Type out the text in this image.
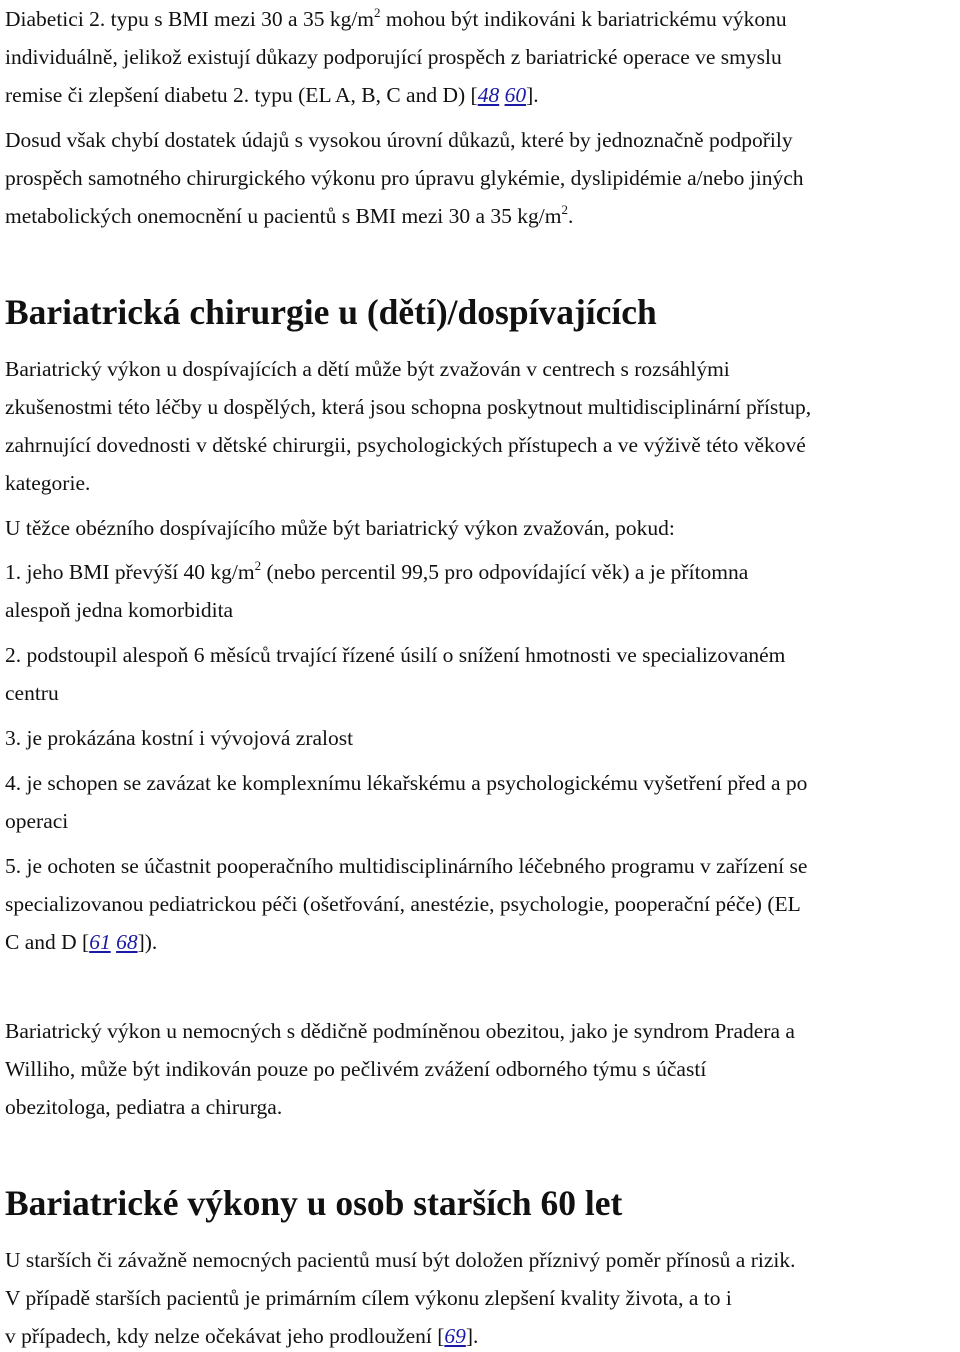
Diabetici 2. typu s BMI mezi 30 a 35 $kg/m^2$ mohou být indikováni k bariatrickému výkonu
individuálně, jelikož existují důkazy podporující prospěch z bariatrické operace ve smyslu
remise či zlepšení diabetu 2. typu (EL A, B, C and D) [48 60].
Dosud však chybí dostatek údajů s vysokou úrovní důkazů, které by jednoznačně podpořily
prospěch samotného chirurgického výkonu pro úpravu glykémie, dyslipidémie a/nebo jiných
metabolických onemocnění u pacientů s BMI mezi 30 a 35 $kg/m^2$.
Bariatrická chirurgie u (dětí)/dospívajících
Bariatrický výkon u dospívajících a dětí může být zvažován v centrech s rozsáhlými
zkušenostmi této léčby u dospělých, která jsou schopna poskytnout multidisciplinární přístup,
zahrnující dovednosti v dětské chirurgii, psychologických přístupech a ve výživě této věkové
kategorie.
U těžce obézního dospívajícího může být bariatrický výkon zvažován, pokud:
1. jeho BMI převýší 40 $kg/m^2$ (nebo percentil 99,5 pro odpovídající věk) a je přítomna
alespoň jedna komorbidita
2. podstoupil alespoň 6 měsíců trvající řízené úsilí o snížení hmotnosti ve specializovaném
centru
3. je prokázána kostní i vývojová zralost
4. je schopen se zavázat ke komplexnímu lékařskému a psychologickému vyšetření před a po
operaci
5. je ochoten se účastnit pooperačního multidisciplinárního léčebného programu v zařízení se
specializovanou pediatrickou péči (ošetřování, anestézie, psychologie, pooperační péče) (EL
C and D [61 68]).
Bariatrický výkon u nemocných s dědičně podmíněnou obezitou, jako je syndrom Pradera a
Williho, může být indikován pouze po pečlivém zvážení odborného týmu s účastí
obezitologa, pediatra a chirurga.
Bariatrické výkony u osob starších 60 let
U starších či závažně nemocných pacientů musí být doložen příznivý poměr přínosů a rizik.
V případě starších pacientů je primárním cílem výkonu zlepšení kvality života, a to i
v případech, kdy nelze očekávat jeho prodloužení [69].
